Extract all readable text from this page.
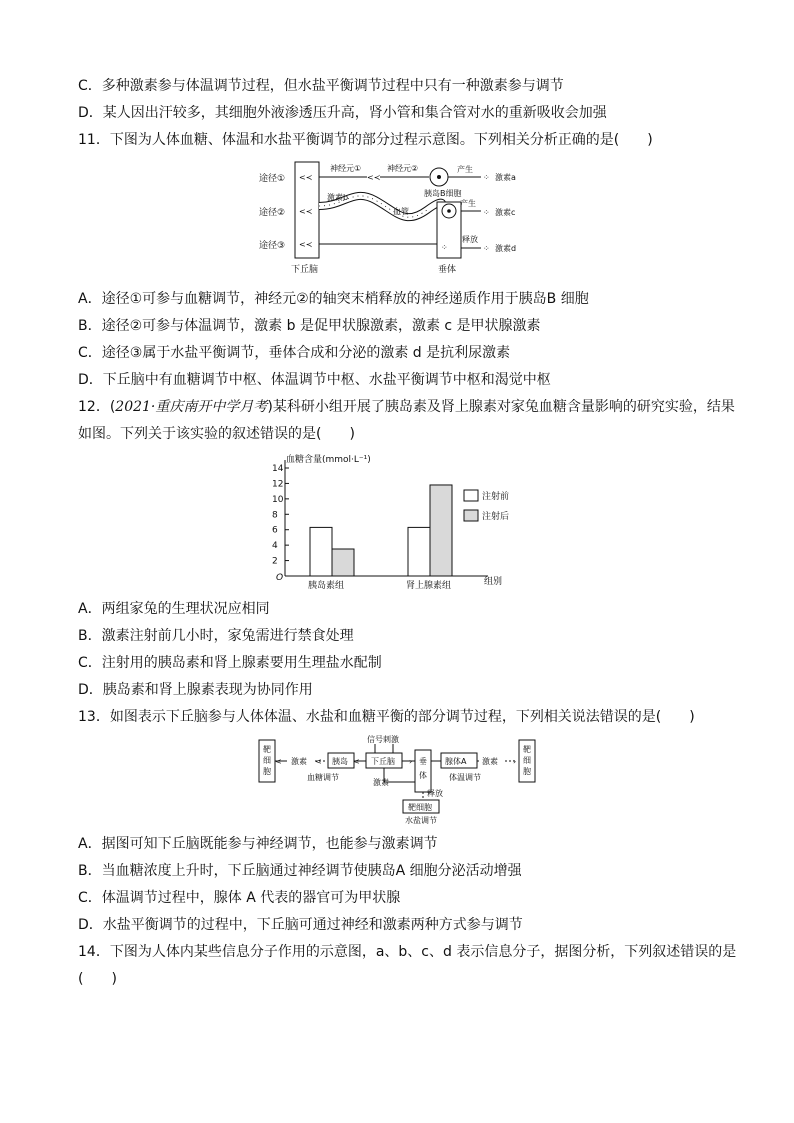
C．多种激素参与体温调节过程，但水盐平衡调节过程中只有一种激素参与调节
D．某人因出汗较多，其细胞外液渗透压升高，肾小管和集合管对水的重新吸收会加强
11．下图为人体血糖、体温和水盐平衡调节的部分过程示意图。下列相关分析正确的是(　　)
途径①
途径②
途径③
下丘脑
<≺
<≺
<≺
神经元①
<≺
神经元②
胰岛B细胞
产生
⁘ 激素a
激素b
血管
⁘
垂体
产生
⁘ 激素c
释放
⁘ 激素d
A．途径①可参与血糖调节，神经元②的轴突末梢释放的神经递质作用于胰岛B 细胞
B．途径②可参与体温调节，激素 b 是促甲状腺激素，激素 c 是甲状腺激素
C．途径③属于水盐平衡调节，垂体合成和分泌的激素 d 是抗利尿激素
D．下丘脑中有血糖调节中枢、体温调节中枢、水盐平衡调节中枢和渴觉中枢
12．(2021·重庆南开中学月考)某科研小组开展了胰岛素及肾上腺素对家兔血糖含量影响的研究实验，结果
如图。下列关于该实验的叙述错误的是(　　)
血糖含量(mmol·L⁻¹)
组别
O
2
4
6
8
10
12
14
胰岛素组	肾上腺素组
注射前
注射后
A．两组家兔的生理状况应相同
B．激素注射前几小时，家兔需进行禁食处理
C．注射用的胰岛素和肾上腺素要用生理盐水配制
D．胰岛素和肾上腺素表现为协同作用
13．如图表示下丘脑参与人体体温、水盐和血糖平衡的部分调节过程，下列相关说法错误的是(　　)
靶细胞
< 激素 < 胰岛
血糖调节
< 下丘脑
信号刺激
›
激素
垂体
腺体A
体温调节
激素 ›
靶细胞
释放
靶细胞
水盐调节
A．据图可知下丘脑既能参与神经调节，也能参与激素调节
B．当血糖浓度上升时，下丘脑通过神经调节使胰岛A 细胞分泌活动增强
C．体温调节过程中，腺体 A 代表的器官可为甲状腺
D．水盐平衡调节的过程中，下丘脑可通过神经和激素两种方式参与调节
14．下图为人体内某些信息分子作用的示意图，a、b、c、d 表示信息分子，据图分析，下列叙述错误的是
(　　)
